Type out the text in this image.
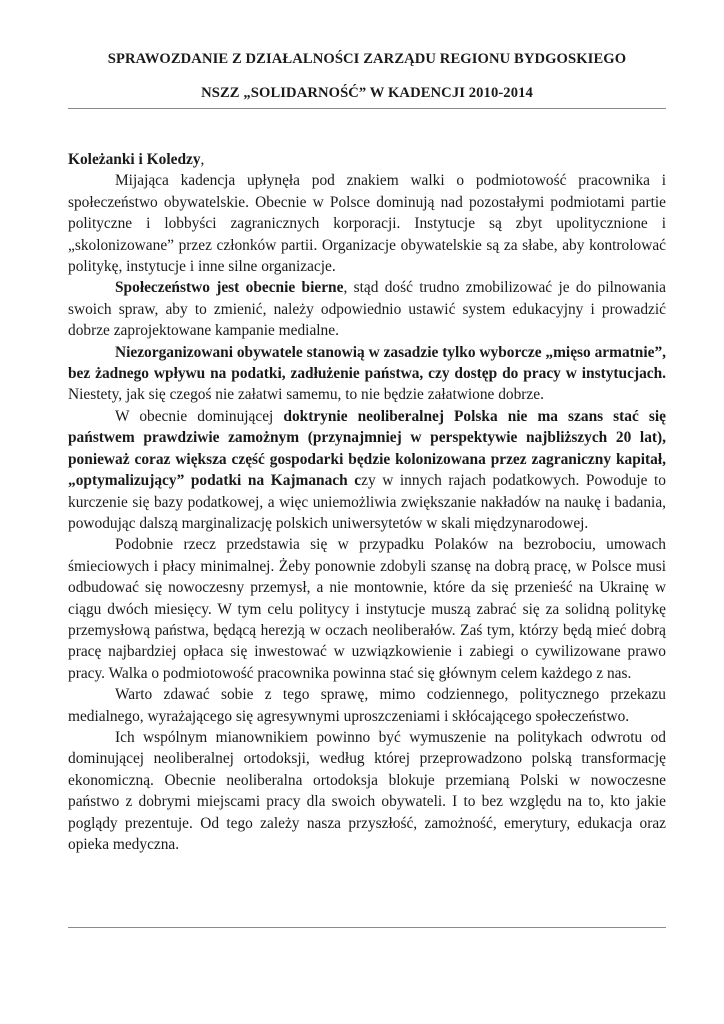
SPRAWOZDANIE Z DZIAŁALNOŚCI ZARZĄDU REGIONU BYDGOSKIEGO
NSZZ „SOLIDARNOŚĆ” W KADENCJI 2010-2014

Koleżanki i Koledzy,

Mijająca kadencja upłynęła pod znakiem walki o podmiotowość pracownika i społeczeństwo obywatelskie. Obecnie w Polsce dominują nad pozostałymi podmiotami partie polityczne i lobbyści zagranicznych korporacji. Instytucje są zbyt upolitycznione i „skolonizowane” przez członków partii. Organizacje obywatelskie są za słabe, aby kontrolować politykę, instytucje i inne silne organizacje.

Społeczeństwo jest obecnie bierne, stąd dość trudno zmobilizować je do pilnowania swoich spraw, aby to zmienić, należy odpowiednio ustawić system edukacyjny i prowadzić dobrze zaprojektowane kampanie medialne.

Niezorganizowani obywatele stanowią w zasadzie tylko wyborcze „mięso armatnie”, bez żadnego wpływu na podatki, zadłużenie państwa, czy dostęp do pracy w instytucjach. Niestety, jak się czegoś nie załatwi samemu, to nie będzie załatwione dobrze.

W obecnie dominującej doktrynie neoliberalnej Polska nie ma szans stać się państwem prawdziwie zamożnym (przynajmniej w perspektywie najbliższych 20 lat), ponieważ coraz większa część gospodarki będzie kolonizowana przez zagraniczny kapitał, „optymalizujący” podatki na Kajmanach czy w innych rajach podatkowych. Powoduje to kurczenie się bazy podatkowej, a więc uniemożliwia zwiększanie nakładów na naukę i badania, powodując dalszą marginalizację polskich uniwersytetów w skali międzynarodowej.

Podobnie rzecz przedstawia się w przypadku Polaków na bezrobociu, umowach śmieciowych i płacy minimalnej. Żeby ponownie zdobyli szansę na dobrą pracę, w Polsce musi odbudować się nowoczesny przemysł, a nie montownie, które da się przenieść na Ukrainę w ciągu dwóch miesięcy. W tym celu politycy i instytucje muszą zabrać się za solidną politykę przemysłową państwa, będącą herezją w oczach neoliberałów. Zaś tym, którzy będą mieć dobrą pracę najbardziej opłaca się inwestować w uzwiązkowienie i zabiegi o cywilizowane prawo pracy. Walka o podmiotowość pracownika powinna stać się głównym celem każdego z nas.

Warto zdawać sobie z tego sprawę, mimo codziennego, politycznego przekazu medialnego, wyrażającego się agresywnymi uproszczeniami i skłócającego społeczeństwo.

Ich wspólnym mianownikiem powinno być wymuszenie na politykach odwrotu od dominującej neoliberalnej ortodoksji, według której przeprowadzono polską transformację ekonomiczną. Obecnie neoliberalna ortodoksja blokuje przemianą Polski w nowoczesne państwo z dobrymi miejscami pracy dla swoich obywateli. I to bez względu na to, kto jakie poglądy prezentuje. Od tego zależy nasza przyszłość, zamożność, emerytury, edukacja oraz opieka medyczna.
